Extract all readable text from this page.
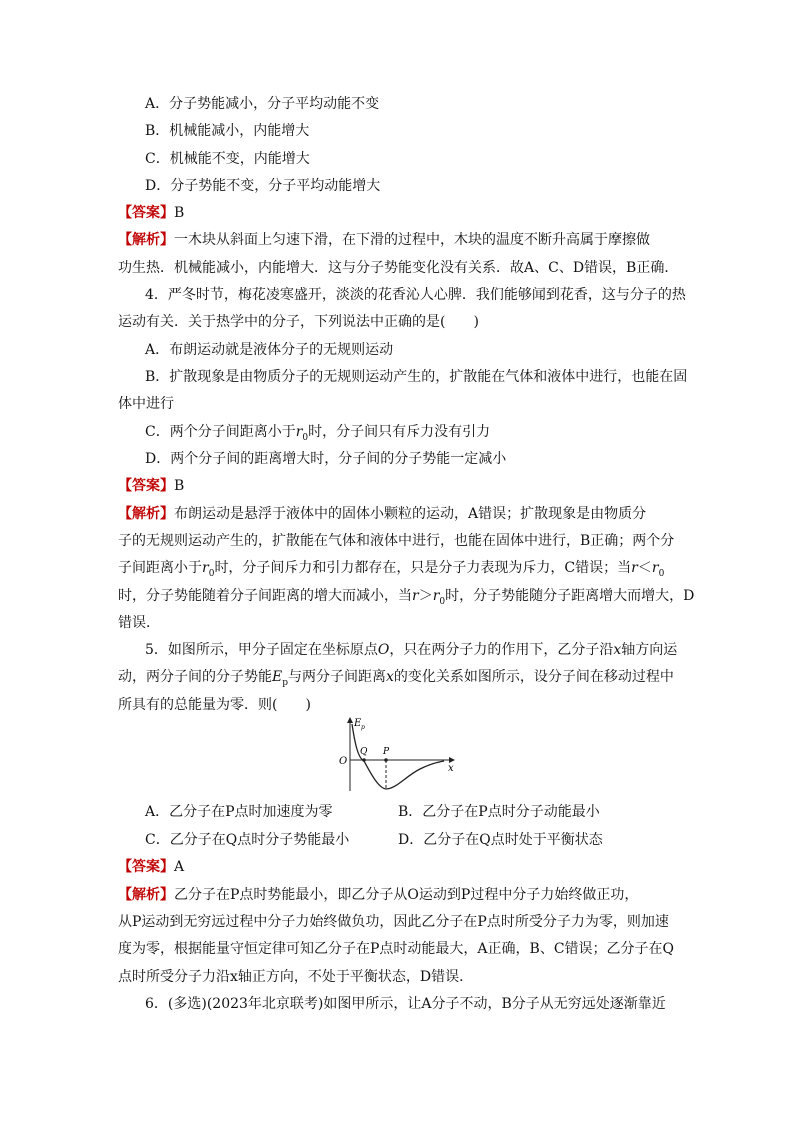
A．分子势能减小，分子平均动能不变
B．机械能减小，内能增大
C．机械能不变，内能增大
D．分子势能不变，分子平均动能增大
【答案】B
【解析】一木块从斜面上匀速下滑，在下滑的过程中，木块的温度不断升高属于摩擦做
功生热．机械能减小，内能增大．这与分子势能变化没有关系．故A、C、D错误，B正确．
4．严冬时节，梅花凌寒盛开，淡淡的花香沁人心脾．我们能够闻到花香，这与分子的热
运动有关．关于热学中的分子，下列说法中正确的是(　　)
A．布朗运动就是液体分子的无规则运动
B．扩散现象是由物质分子的无规则运动产生的，扩散能在气体和液体中进行，也能在固
体中进行
C．两个分子间距离小于$r_0$时，分子间只有斥力没有引力
D．两个分子间的距离增大时，分子间的分子势能一定减小
【答案】B
【解析】布朗运动是悬浮于液体中的固体小颗粒的运动，A错误；扩散现象是由物质分
子的无规则运动产生的，扩散能在气体和液体中进行，也能在固体中进行，B正确；两个分
子间距离小于$r_0$时，分子间斥力和引力都存在，只是分子力表现为斥力，C错误；当$r<r_0$
时，分子势能随着分子间距离的增大而减小，当$r>r_0$时，分子势能随分子距离增大而增大，D
错误．
5．如图所示，甲分子固定在坐标原点O，只在两分子力的作用下，乙分子沿x轴方向运
动，两分子间的分子势能$E_p$与两分子间距离x的变化关系如图所示，设分子间在移动过程中
所具有的总能量为零．则(　　)
E p
x
O
Q P
A．乙分子在P点时加速度为零	B．乙分子在P点时分子动能最小
C．乙分子在Q点时分子势能最小	D．乙分子在Q点时处于平衡状态
【答案】A
【解析】乙分子在P点时势能最小，即乙分子从O运动到P过程中分子力始终做正功，
从P运动到无穷远过程中分子力始终做负功，因此乙分子在P点时所受分子力为零，则加速
度为零，根据能量守恒定律可知乙分子在P点时动能最大，A正确，B、C错误；乙分子在Q
点时所受分子力沿x轴正方向，不处于平衡状态，D错误．
6．(多选)(2023年北京联考)如图甲所示，让A分子不动，B分子从无穷远处逐渐靠近
